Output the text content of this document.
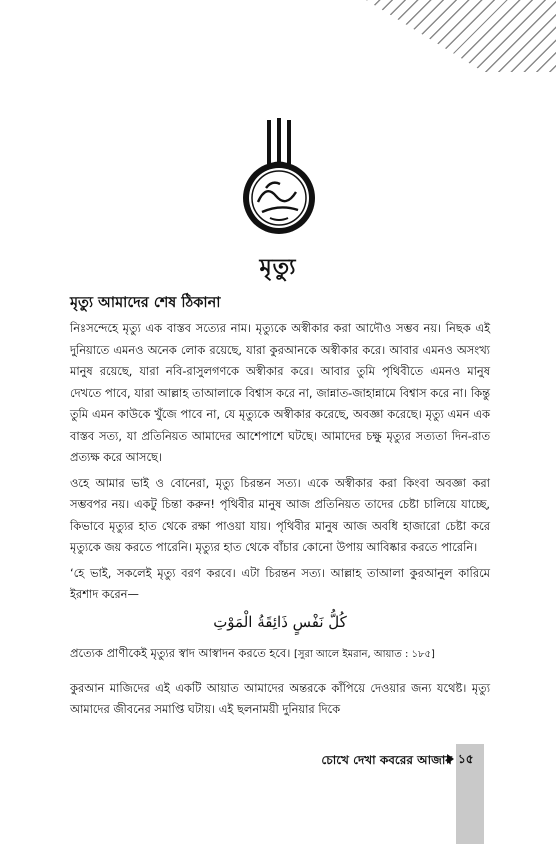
মৃত্যু
মৃত্যু আমাদের শেষ ঠিকানা

নিঃসন্দেহে মৃত্যু এক বাস্তব সত্যের নাম। মৃত্যুকে অস্বীকার করা আদৌও সম্ভব নয়। নিছক এই দুনিয়াতে এমনও অনেক লোক রয়েছে, যারা কুরআনকে অস্বীকার করে। আবার এমনও অসংখ্য মানুষ রয়েছে, যারা নবি-রাসুলগণকে অস্বীকার করে। আবার তুমি পৃথিবীতে এমনও মানুষ দেখতে পাবে, যারা আল্লাহ তাআলাকে বিশ্বাস করে না, জান্নাত-জাহান্নামে বিশ্বাস করে না। কিন্তু তুমি এমন কাউকে খুঁজে পাবে না, যে মৃত্যুকে অস্বীকার করেছে, অবজ্ঞা করেছে। মৃত্যু এমন এক বাস্তব সত্য, যা প্রতিনিয়ত আমাদের আশেপাশে ঘটছে। আমাদের চক্ষু মৃত্যুর সত্যতা দিন-রাত প্রত্যক্ষ করে আসছে।

ওহে আমার ভাই ও বোনেরা, মৃত্যু চিরন্তন সত্য। একে অস্বীকার করা কিংবা অবজ্ঞা করা সম্ভবপর নয়। একটু চিন্তা করুন! পৃথিবীর মানুষ আজ প্রতিনিয়ত তাদের চেষ্টা চালিয়ে যাচ্ছে, কিভাবে মৃত্যুর হাত থেকে রক্ষা পাওয়া যায়। পৃথিবীর মানুষ আজ অবধি হাজারো চেষ্টা করে মৃত্যুকে জয় করতে পারেনি। মৃত্যুর হাত থেকে বাঁচার কোনো উপায় আবিষ্কার করতে পারেনি।

‘হে ভাই, সকলেই মৃত্যু বরণ করবে। এটা চিরন্তন সত্য। আল্লাহ তাআলা কুরআনুল কারিমে ইরশাদ করেন—

كُلُّ نَفْسٍ ذَائِقَةُ الْمَوْتِ

প্রত্যেক প্রাণীকেই মৃত্যুর স্বাদ আস্বাদন করতে হবে। [সুরা আলে ইমরান, আয়াত : ১৮৫]

কুরআন মাজিদের এই একটি আয়াত আমাদের অন্তরকে কাঁপিয়ে দেওয়ার জন্য যথেষ্ট। মৃত্যু আমাদের জীবনের সমাপ্তি ঘটায়। এই ছলনাময়ী দুনিয়ার দিকে

চোখে দেখা কবরের আজাব ১৫
